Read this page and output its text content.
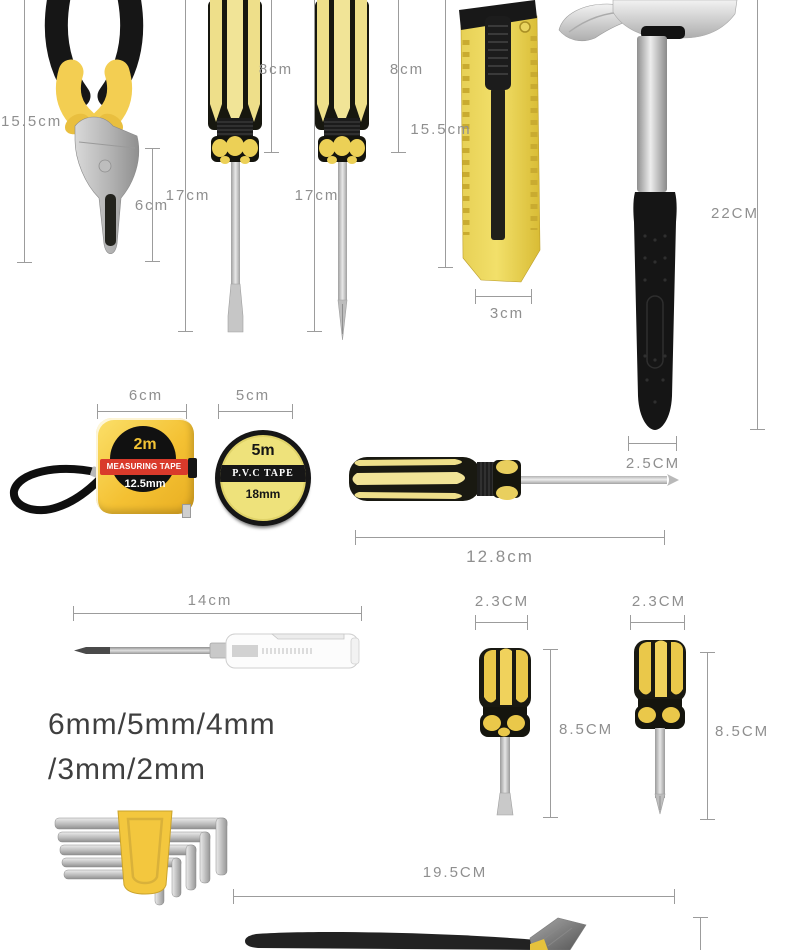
2m
MEASURING TAPE
12.5mm
5m
P.V.C TAPE
18mm
15.5cm
6cm
8cm
17cm
8cm
17cm
15.5cm
3cm
22CM
2.5CM
6cm	5cm
12.8cm
14cm	2.3CM
8.5CM
2.3CM
8.5CM
6mm/5mm/4mm
/3mm/2mm
19.5CM
